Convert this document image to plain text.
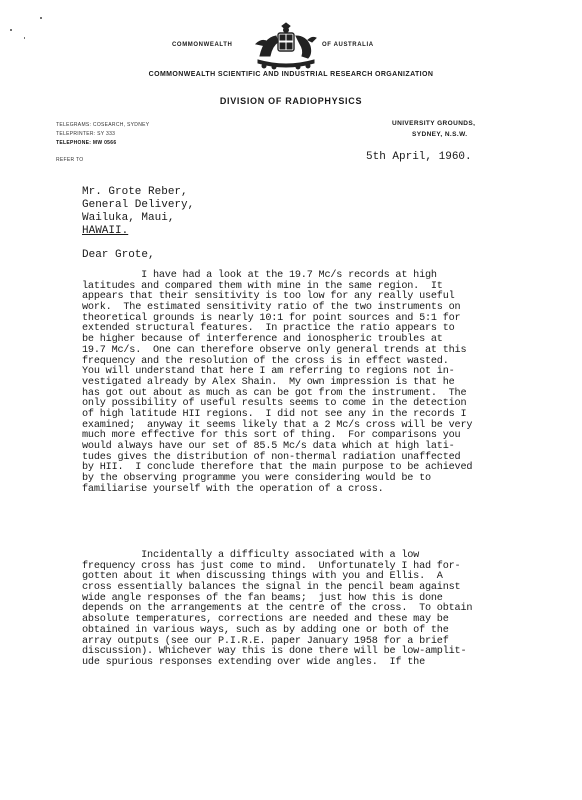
COMMONWEALTH	OF AUSTRALIA
COMMONWEALTH SCIENTIFIC AND INDUSTRIAL RESEARCH ORGANIZATION
DIVISION OF RADIOPHYSICS
TELEGRAMS: COSEARCH, SYDNEY
TELEPRINTER: SY 333
TELEPHONE: MW 0566
REFER TO
UNIVERSITY GROUNDS,
SYDNEY, N.S.W.
5th April, 1960.
Mr. Grote Reber,
General Delivery,
Wailuka, Maui,
HAWAII.
Dear Grote,
I have had a look at the 19.7 Mc/s records at high
latitudes and compared them with mine in the same region.  It
appears that their sensitivity is too low for any really useful
work.  The estimated sensitivity ratio of the two instruments on
theoretical grounds is nearly 10:1 for point sources and 5:1 for
extended structural features.  In practice the ratio appears to
be higher because of interference and ionospheric troubles at
19.7 Mc/s.  One can therefore observe only general trends at this
frequency and the resolution of the cross is in effect wasted.
You will understand that here I am referring to regions not in-
vestigated already by Alex Shain.  My own impression is that he
has got out about as much as can be got from the instrument.  The
only possibility of useful results seems to come in the detection
of high latitude HII regions.  I did not see any in the records I
examined;  anyway it seems likely that a 2 Mc/s cross will be very
much more effective for this sort of thing.  For comparisons you
would always have our set of 85.5 Mc/s data which at high lati-
tudes gives the distribution of non-thermal radiation unaffected
by HII.  I conclude therefore that the main purpose to be achieved
by the observing programme you were considering would be to
familiarise yourself with the operation of a cross.
Incidentally a difficulty associated with a low
frequency cross has just come to mind.  Unfortunately I had for-
gotten about it when discussing things with you and Ellis.  A
cross essentially balances the signal in the pencil beam against
wide angle responses of the fan beams;  just how this is done
depends on the arrangements at the centre of the cross.  To obtain
absolute temperatures, corrections are needed and these may be
obtained in various ways, such as by adding one or both of the
array outputs (see our P.I.R.E. paper January 1958 for a brief
discussion). Whichever way this is done there will be low-amplit-
ude spurious responses extending over wide angles.  If the
